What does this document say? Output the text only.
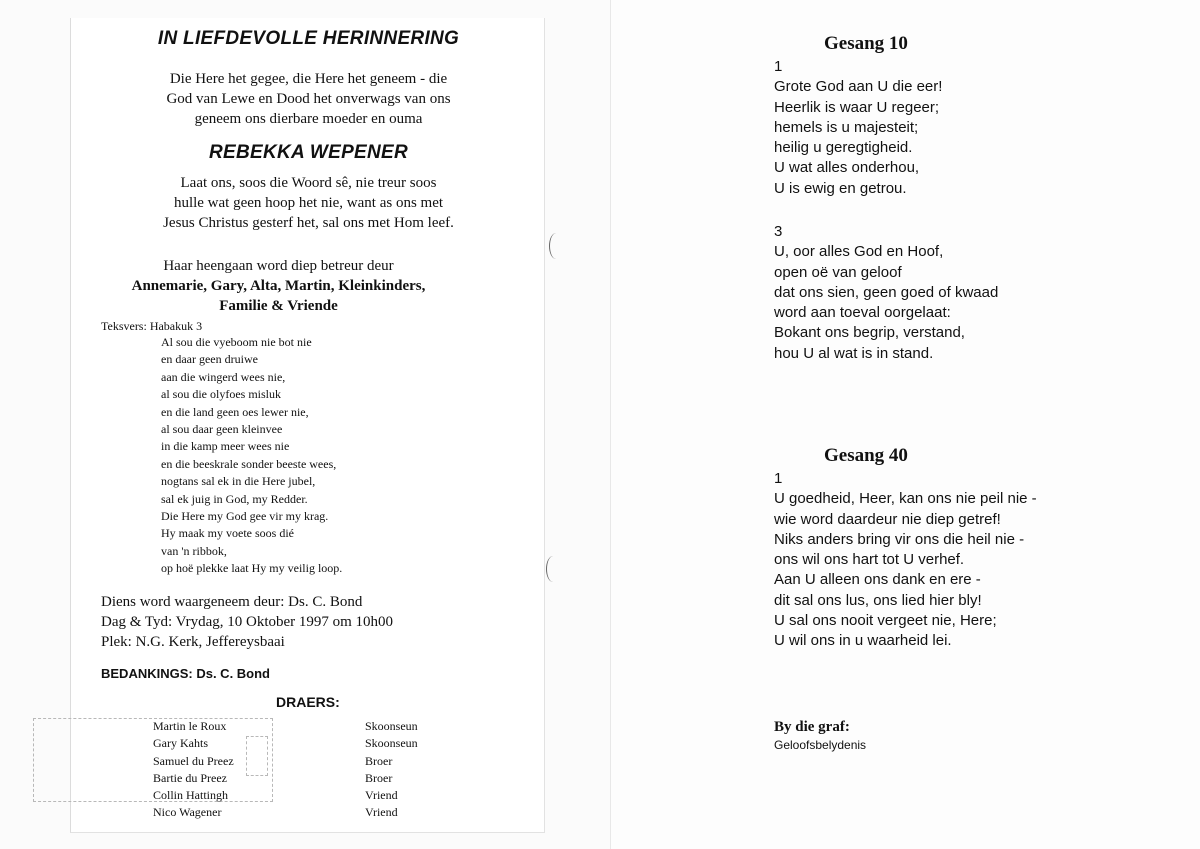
IN LIEFDEVOLLE HERINNERING
Die Here het gegee, die Here het geneem - die
God van Lewe en Dood het onverwags van ons
geneem ons dierbare moeder en ouma
REBEKKA WEPENER
Laat ons, soos die Woord sê, nie treur soos
hulle wat geen hoop het nie, want as ons met
Jesus Christus gesterf het, sal ons met Hom leef.
Haar heengaan word diep betreur deur
Annemarie, Gary, Alta, Martin, Kleinkinders,
Familie & Vriende
Teksvers: Habakuk 3
Al sou die vyeboom nie bot nie
en daar geen druiwe
aan die wingerd wees nie,
al sou die olyfoes misluk
en die land geen oes lewer nie,
al sou daar geen kleinvee
in die kamp meer wees nie
en die beeskrale sonder beeste wees,
nogtans sal ek in die Here jubel,
sal ek juig in God, my Redder.
Die Here my God gee vir my krag.
Hy maak my voete soos dié
van 'n ribbok,
op hoë plekke laat Hy my veilig loop.
Diens word waargeneem deur: Ds. C. Bond
Dag & Tyd: Vrydag, 10 Oktober 1997 om 10h00
Plek: N.G. Kerk, Jeffereysbaai
BEDANKINGS: Ds. C. Bond
DRAERS:
Martin le Roux	Skoonseun
Gary Kahts	Skoonseun
Samuel du Preez	Broer
Bartie du Preez	Broer
Collin Hattingh	Vriend
Nico Wagener	Vriend
Gesang 10
1
Grote God aan U die eer!
Heerlik is waar U regeer;
hemels is u majesteit;
heilig u geregtigheid.
U wat alles onderhou,
U is ewig en getrou.
3
U, oor alles God en Hoof,
open oë van geloof
dat ons sien, geen goed of kwaad
word aan toeval oorgelaat:
Bokant ons begrip, verstand,
hou U al wat is in stand.
Gesang 40
1
U goedheid, Heer, kan ons nie peil nie -
wie word daardeur nie diep getref!
Niks anders bring vir ons die heil nie -
ons wil ons hart tot U verhef.
Aan U alleen ons dank en ere -
dit sal ons lus, ons lied hier bly!
U sal ons nooit vergeet nie, Here;
U wil ons in u waarheid lei.
By die graf:
Geloofsbelydenis
